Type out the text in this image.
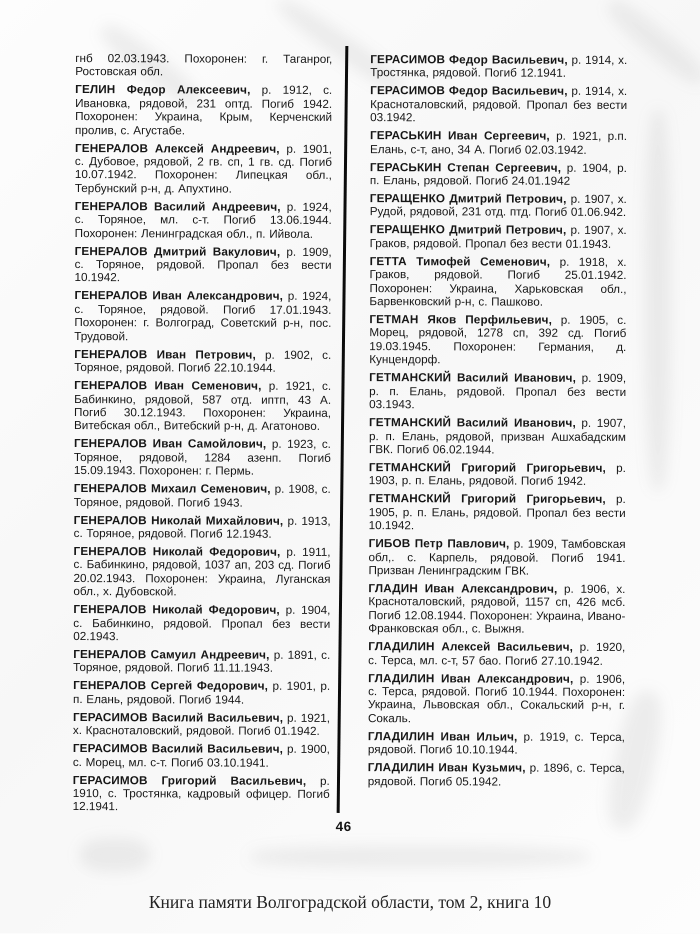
гнб 02.03.1943. Похоронен: г. Таганрог, Ростовская обл.

ГЕЛИН Федор Алексеевич, р. 1912, с. Ивановка, рядовой, 231 оптд. Погиб 1942. Похоронен: Украина, Крым, Керченский пролив, с. Агустабе.

ГЕНЕРАЛОВ Алексей Андреевич, р. 1901, с. Дубовое, рядовой, 2 гв. сп, 1 гв. сд. Погиб 10.07.1942. Похоронен: Липецкая обл., Тербунский р-н, д. Апухтино.

ГЕНЕРАЛОВ Василий Андреевич, р. 1924, с. Торяное, мл. с-т. Погиб 13.06.1944. Похоронен: Ленинградская обл., п. Ийвола.

ГЕНЕРАЛОВ Дмитрий Вакулович, р. 1909, с. Торяное, рядовой. Пропал без вести 10.1942.

ГЕНЕРАЛОВ Иван Александрович, р. 1924, с. Торяное, рядовой. Погиб 17.01.1943. Похоронен: г. Волгоград, Советский р-н, пос. Трудовой.

ГЕНЕРАЛОВ Иван Петрович, р. 1902, с. Торяное, рядовой. Погиб 22.10.1944.

ГЕНЕРАЛОВ Иван Семенович, р. 1921, с. Бабинкино, рядовой, 587 отд. иптп, 43 А. Погиб 30.12.1943. Похоронен: Украина, Витебская обл., Витебский р-н, д. Агатоново.

ГЕНЕРАЛОВ Иван Самойлович, р. 1923, с. Торяное, рядовой, 1284 азенп. Погиб 15.09.1943. Похоронен: г. Пермь.

ГЕНЕРАЛОВ Михаил Семенович, р. 1908, с. Торяное, рядовой. Погиб 1943.

ГЕНЕРАЛОВ Николай Михайлович, р. 1913, с. Торяное, рядовой. Погиб 12.1943.

ГЕНЕРАЛОВ Николай Федорович, р. 1911, с. Бабинкино, рядовой, 1037 ап, 203 сд. Погиб 20.02.1943. Похоронен: Украина, Луганская обл., х. Дубовской.

ГЕНЕРАЛОВ Николай Федорович, р. 1904, с. Бабинкино, рядовой. Пропал без вести 02.1943.

ГЕНЕРАЛОВ Самуил Андреевич, р. 1891, с. Торяное, рядовой. Погиб 11.11.1943.

ГЕНЕРАЛОВ Сергей Федорович, р. 1901, р. п. Елань, рядовой. Погиб 1944.

ГЕРАСИМОВ Василий Васильевич, р. 1921, х. Красноталовский, рядовой. Погиб 01.1942.

ГЕРАСИМОВ Василий Васильевич, р. 1900, с. Морец, мл. с-т. Погиб 03.10.1941.

ГЕРАСИМОВ Григорий Васильевич, р. 1910, с. Тростянка, кадровый офицер. Погиб 12.1941.

ГЕРАСИМОВ Федор Васильевич, р. 1914, х. Тростянка, рядовой. Погиб 12.1941.

ГЕРАСИМОВ Федор Васильевич, р. 1914, х. Красноталовский, рядовой. Пропал без вести 03.1942.

ГЕРАСЬКИН Иван Сергеевич, р. 1921, р.п. Елань, с-т, ано, 34 А. Погиб 02.03.1942.

ГЕРАСЬКИН Степан Сергеевич, р. 1904, р. п. Елань, рядовой. Погиб 24.01.1942

ГЕРАЩЕНКО Дмитрий Петрович, р. 1907, х. Рудой, рядовой, 231 отд. птд. Погиб 01.06.942.

ГЕРАЩЕНКО Дмитрий Петрович, р. 1907, х. Граков, рядовой. Пропал без вести 01.1943.

ГЕТТА Тимофей Семенович, р. 1918, х. Граков, рядовой. Погиб 25.01.1942. Похоронен: Украина, Харьковская обл., Барвенковский р-н, с. Пашково.

ГЕТМАН Яков Перфильевич, р. 1905, с. Морец, рядовой, 1278 сп, 392 сд. Погиб 19.03.1945. Похоронен: Германия, д. Кунцендорф.

ГЕТМАНСКИЙ Василий Иванович, р. 1909, р. п. Елань, рядовой. Пропал без вести 03.1943.

ГЕТМАНСКИЙ Василий Иванович, р. 1907, р. п. Елань, рядовой, призван Ашхабадским ГВК. Погиб 06.02.1944.

ГЕТМАНСКИЙ Григорий Григорьевич, р. 1903, р. п. Елань, рядовой. Погиб 1942.

ГЕТМАНСКИЙ Григорий Григорьевич, р. 1905, р. п. Елань, рядовой. Пропал без вести 10.1942.

ГИБОВ Петр Павлович, р. 1909, Тамбовская обл,. с. Карпель, рядовой. Погиб 1941. Призван Ленинградским ГВК.

ГЛАДИН Иван Александрович, р. 1906, х. Красноталовский, рядовой, 1157 сп, 426 мсб. Погиб 12.08.1944. Похоронен: Украина, Ивано-Франковская обл., с. Выжня.

ГЛАДИЛИН Алексей Васильевич, р. 1920, с. Терса, мл. с-т, 57 бао. Погиб 27.10.1942.

ГЛАДИЛИН Иван Александрович, р. 1906, с. Терса, рядовой. Погиб 10.1944. Похоронен: Украина, Львовская обл., Сокальский р-н, г. Сокаль.

ГЛАДИЛИН Иван Ильич, р. 1919, с. Терса, рядовой. Погиб 10.10.1944.

ГЛАДИЛИН Иван Кузьмич, р. 1896, с. Терса, рядовой. Погиб 05.1942.

46
Книга памяти Волгоградской области, том 2, книга 10
